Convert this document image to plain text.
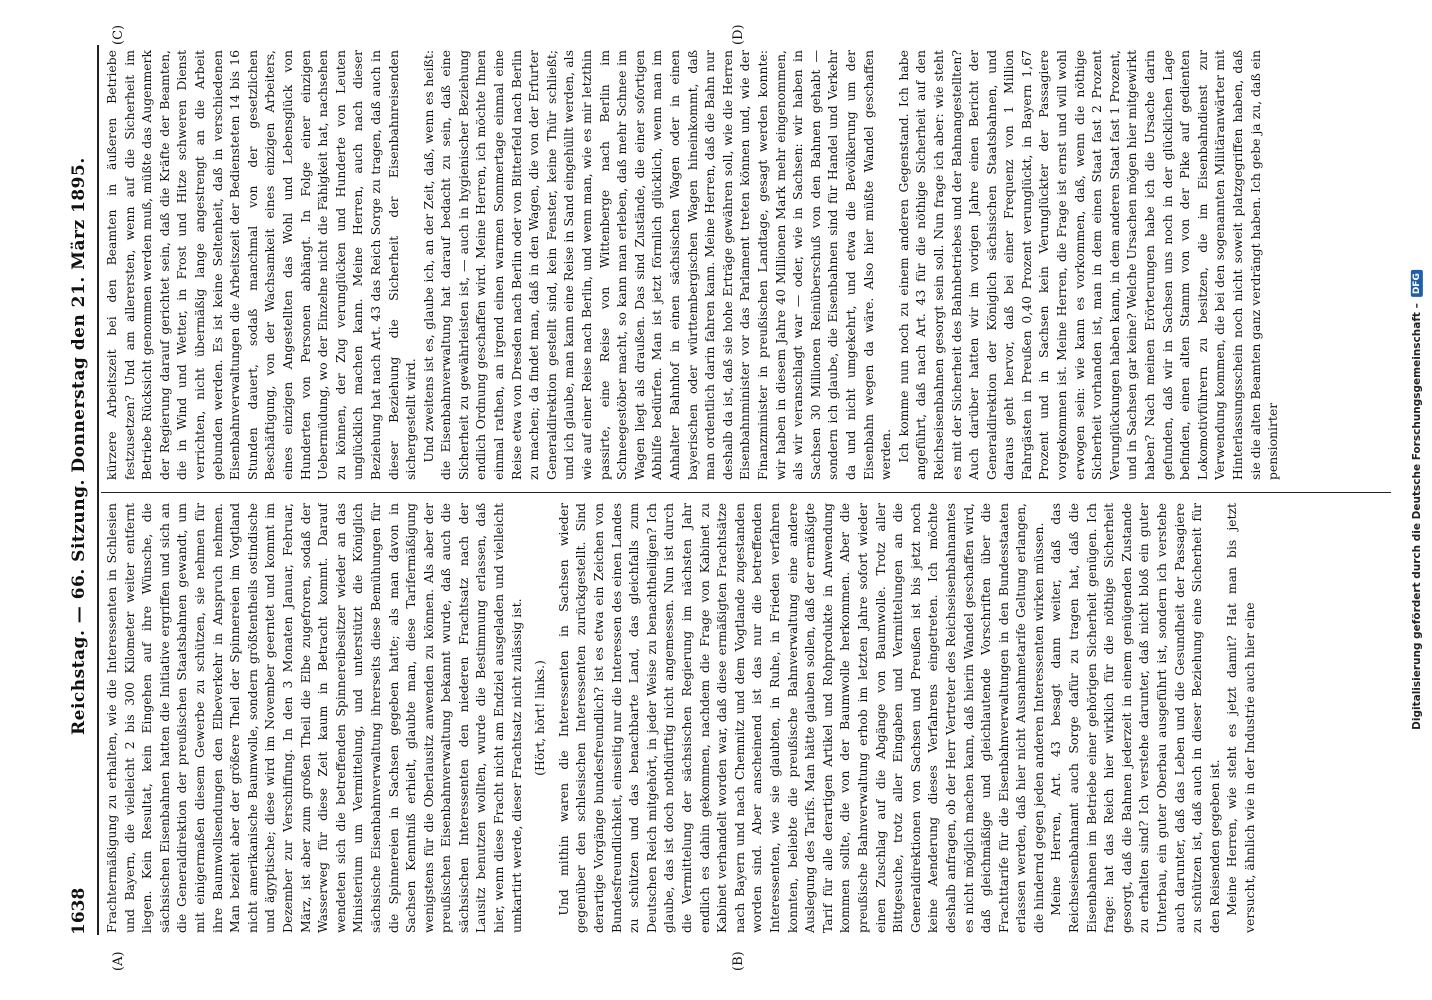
1638
Reichstag. — 66. Sitzung. Donnerstag den 21. März 1895.
(A)	(B)
(C)	(D)

Frachtermäßigung zu erhalten, wie die Interessenten in Schlesien und Bayern, die vielleicht 2 bis 300 Kilometer weiter entfernt liegen. Kein Resultat, kein Eingehen auf ihre Wünsche, die sächsischen Eisenbahnen hatten die Initiative ergriffen und sich an die Generaldirektion der preußischen Staatsbahnen gewandt, um mit einigermaßen diesem Gewerbe zu schützen, sie nehmen für ihre Baumwollsendungen den Elbeverkehr in Anspruch nehmen. Man bezieht aber der größere Theil der Spinnereien im Vogtland nicht amerikanische Baumwolle, sondern größtentheils ostindische und ägyptische; diese wird im November geerntet und kommt im Dezember zur Verschiffung. In den 3 Monaten Januar, Februar, März, ist aber zum großen Theil die Elbe zugefroren, sodaß der Wasserweg für diese Zeit kaum in Betracht kommt. Darauf wendeten sich die betreffenden Spinnereibesitzer wieder an das Ministerium um Vermittelung, und unterstützt die Königlich sächsische Eisenbahnverwaltung ihrerseits diese Bemühungen für die Spinnereien in Sachsen gegeben hatte; als man davon in Sachsen Kenntniß erhielt, glaubte man, diese Tarifermäßigung wenigstens für die Oberlausitz anwenden zu können. Als aber der preußischen Eisenbahnverwaltung bekannt wurde, daß auch die sächsischen Interessenten den niederen Frachtsatz nach der Lausitz benutzen wollten, wurde die Bestimmung erlassen, daß hier, wenn diese Fracht nicht am Endziel ausgeladen und vielleicht umkartirt werde, dieser Frachtsatz nicht zulässig ist. (Hört, hört! links.) Und mithin waren die Interessenten in Sachsen wieder gegenüber den schlesischen Interessenten zurückgestellt. Sind derartige Vorgänge bundesfreundlich? ist es etwa ein Zeichen von Bundesfreundlichkeit, einseitig nur die Interessen des einen Landes zu schützen und das benachbarte Land, das gleichfalls zum Deutschen Reich mitgehört, in jeder Weise zu benachtheiligen? Ich glaube, das ist doch nothdürftig nicht angemessen. Nun ist durch die Vermittelung der sächsischen Regierung im nächsten Jahr endlich es dahin gekommen, nachdem die Frage von Kabinet zu Kabinet verhandelt worden war, daß diese ermäßigten Frachtsätze nach Bayern und nach Chemnitz und dem Vogtlande zugestanden worden sind. Aber anscheinend ist das nur die betreffenden Interessenten, wie sie glaubten, in Ruhe, in Frieden verfahren konnten, beliebte die preußische Bahnverwaltung eine andere Auslegung des Tarifs. Man hätte glauben sollen, daß der ermäßigte Tarif für alle derartigen Artikel und Rohprodukte in Anwendung kommen sollte, die von der Baumwolle herkommen. Aber die preußische Bahnverwaltung erhob im letzten Jahre sofort wieder einen Zuschlag auf die Abgänge von Baumwolle. Trotz aller Bittgesuche, trotz aller Eingaben und Vermittelungen an die Generaldirektionen von Sachsen und Preußen ist bis jetzt noch keine Aenderung dieses Verfahrens eingetreten. Ich möchte deshalb anfragen, ob der Herr Vertreter des Reichseisenbahnamtes es nicht möglich machen kann, daß hierin Wandel geschaffen wird, daß gleichmäßige und gleichlautende Vorschriften über die Frachttarife für die Eisenbahnverwaltungen in den Bundesstaaten erlassen werden, daß hier nicht Ausnahmetarife Geltung erlangen, die hindernd gegen jeden anderen Interessenten wirken müssen. Meine Herren, Art. 43 besagt dann weiter, daß das Reichseisenbahnamt auch Sorge dafür zu tragen hat, daß die Eisenbahnen im Betriebe einer gehörigen Sicherheit genügen. Ich frage: hat das Reich hier wirklich für die nöthige Sicherheit gesorgt, daß die Bahnen jederzeit in einem genügenden Zustande zu erhalten sind? Ich verstehe darunter, daß nicht bloß ein guter Unterbau, ein guter Oberbau ausgeführt ist, sondern ich verstehe auch darunter, daß das Leben und die Gesundheit der Passagiere zu schützen ist, daß auch in dieser Beziehung eine Sicherheit für den Reisenden gegeben ist. Meine Herren, wie steht es jetzt damit? Hat man bis jetzt versucht, ähnlich wie in der Industrie auch hier eine

kürzere Arbeitszeit bei den Beamten in äußeren Betriebe festzusetzen? Und am allerersten, wenn auf die Sicherheit im Betriebe Rücksicht genommen werden muß, müßte das Augenmerk der Regierung darauf gerichtet sein, daß die Kräfte der Beamten, die in Wind und Wetter, in Frost und Hitze schweren Dienst verrichten, nicht übermäßig lange angestrengt an die Arbeit gebunden werden. Es ist keine Seltenheit, daß in verschiedenen Eisenbahnverwaltungen die Arbeitszeit der Bediensteten 14 bis 16 Stunden dauert, sodaß manchmal von der gesetzlichen Beschäftigung, von der Wachsamkeit eines einzigen Arbeiters, eines einzigen Angestellten das Wohl und Lebensglück von Hunderten von Personen abhängt. In Folge einer einzigen Uebermüdung, wo der Einzelne nicht die Fähigkeit hat, nachsehen zu können, der Zug verunglücken und Hunderte von Leuten unglücklich machen kann. Meine Herren, auch nach dieser Beziehung hat nach Art. 43 das Reich Sorge zu tragen, daß auch in dieser Beziehung die Sicherheit der Eisenbahnreisenden sichergestellt wird. Und zweitens ist es, glaube ich, an der Zeit, daß, wenn es heißt: die Eisenbahnverwaltung hat darauf bedacht zu sein, daß eine Sicherheit zu gewährleisten ist, — auch in hygienischer Beziehung endlich Ordnung geschaffen wird. Meine Herren, ich möchte Ihnen einmal rathen, an irgend einen warmen Sommertage einmal eine Reise etwa von Dresden nach Berlin oder von Bitterfeld nach Berlin zu machen; da findet man, daß in den Wagen, die von der Erfurter Generaldirektion gestellt sind, kein Fenster, keine Thür schließt; und ich glaube, man kann eine Reise in Sand eingehüllt werden, als wie auf einer Reise nach Berlin, und wenn man, wie es mir letzthin passirte, eine Reise von Wittenberge nach Berlin im Schneegestöber macht, so kann man erleben, daß mehr Schnee im Wagen liegt als draußen. Das sind Zustände, die einer sofortigen Abhilfe bedürfen. Man ist jetzt förmlich glücklich, wenn man im Anhalter Bahnhof in einen sächsischen Wagen oder in einen bayerischen oder württembergischen Wagen hineinkommt, daß man ordentlich darin fahren kann. Meine Herren, daß die Bahn nur deshalb da ist, daß sie hohe Erträge gewähren soll, wie die Herren Eisenbahnminister vor das Parlament treten können und, wie der Finanzminister in preußischen Landtage, gesagt werden konnte: wir haben in diesem Jahre 40 Millionen Mark mehr eingenommen, als wir veranschlagt war — oder, wie in Sachsen: wir haben in Sachsen 30 Millionen Reinüberschuß von den Bahnen gehabt — sondern ich glaube, die Eisenbahnen sind für Handel und Verkehr da und nicht umgekehrt, und etwa die Bevölkerung um der Eisenbahn wegen da wäre. Also hier müßte Wandel geschaffen werden. Ich komme nun noch zu einem anderen Gegenstand. Ich habe angeführt, daß nach Art. 43 für die nöthige Sicherheit auf den Reichseisenbahnen gesorgt sein soll. Nun frage ich aber: wie steht es mit der Sicherheit des Bahnbetriebes und der Bahnangestellten? Auch darüber hatten wir im vorigen Jahre einen Bericht der Generaldirektion der Königlich sächsischen Staatsbahnen, und daraus geht hervor, daß bei einer Frequenz von 1 Million Fahrgästen in Preußen 0,40 Prozent verunglückt, in Bayern 1,67 Prozent und in Sachsen kein Verunglückter der Passagiere vorgekommen ist. Meine Herren, die Frage ist ernst und will wohl erwogen sein: wie kann es vorkommen, daß, wenn die nöthige Sicherheit vorhanden ist, man in dem einen Staat fast 2 Prozent Verunglückungen haben kann, in dem anderen Staat fast 1 Prozent, und in Sachsen gar keine? Welche Ursachen mögen hier mitgewirkt haben? Nach meinen Erörterungen habe ich die Ursache darin gefunden, daß wir in Sachsen uns noch in der glücklichen Lage befinden, einen alten Stamm von von der Pike auf gedienten Lokomotivführern zu besitzen, die im Eisenbahndienst zur Verwendung kommen, die bei den sogenannten Militäranwärter mit Hinterlassungsschein noch nicht soweit platzgegriffen haben, daß sie die alten Beamten ganz verdrängt haben. Ich gebe ja zu, daß ein pensionirter	Digitalisierung gefördert durch die Deutsche Forschungsgemeinschaft –
DFG
